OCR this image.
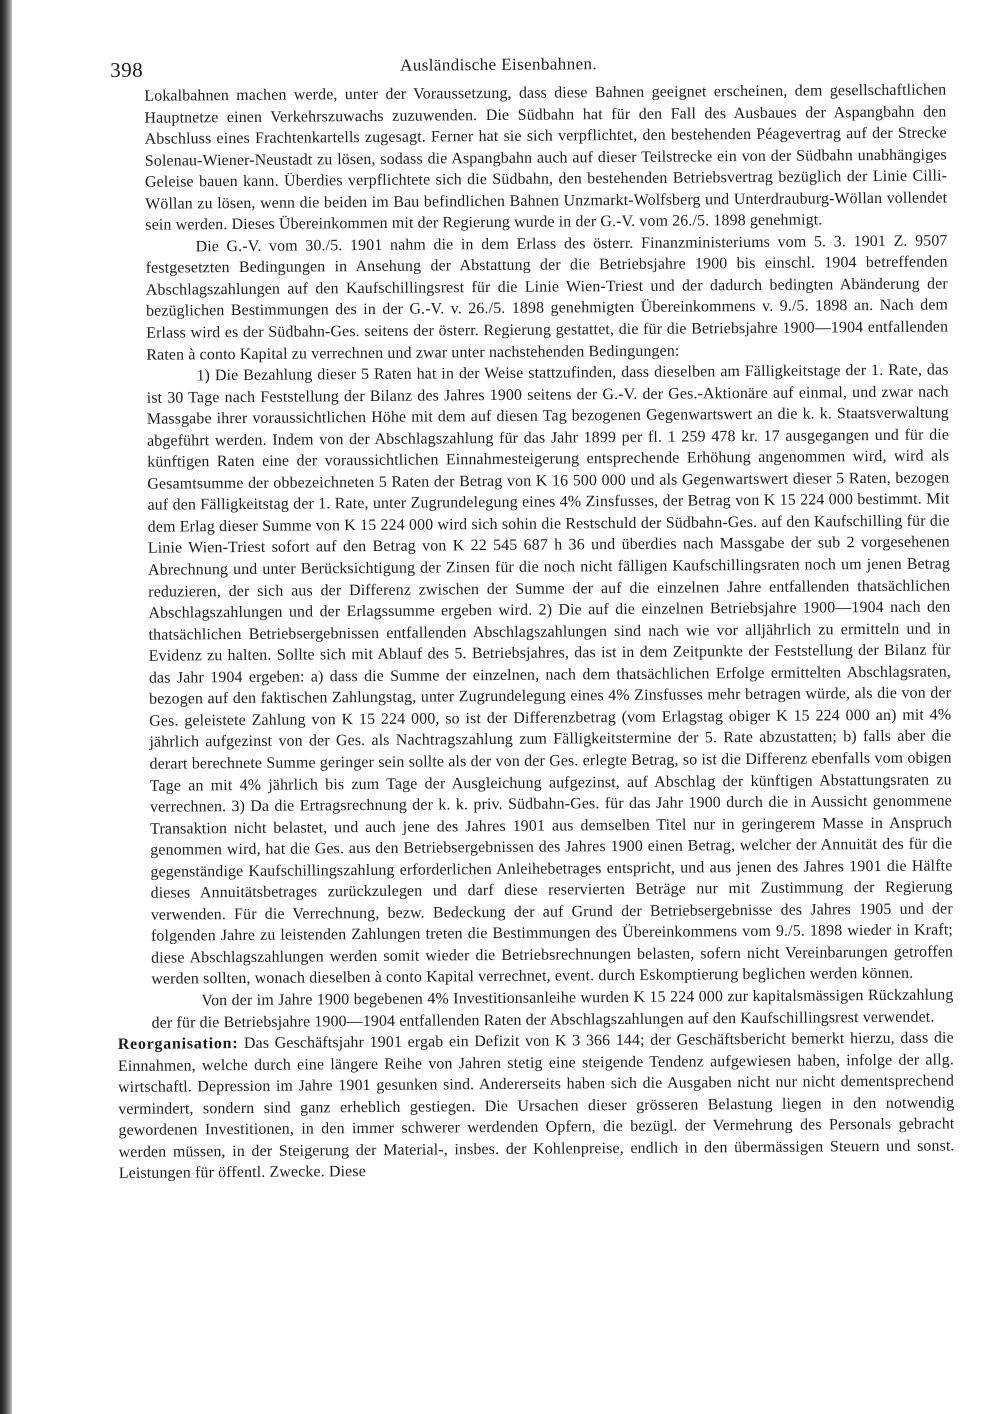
398	Ausländische Eisenbahnen.

Lokalbahnen machen werde, unter der Voraussetzung, dass diese Bahnen geeignet erscheinen, dem gesellschaftlichen Hauptnetze einen Verkehrszuwachs zuzuwenden. Die Südbahn hat für den Fall des Ausbaues der Aspangbahn den Abschluss eines Frachtenkartells zugesagt. Ferner hat sie sich verpflichtet, den bestehenden Péagevertrag auf der Strecke Solenau-Wiener-Neustadt zu lösen, sodass die Aspangbahn auch auf dieser Teilstrecke ein von der Südbahn unabhängiges Geleise bauen kann. Überdies verpflichtete sich die Südbahn, den bestehenden Betriebsvertrag bezüglich der Linie Cilli-Wöllan zu lösen, wenn die beiden im Bau befindlichen Bahnen Unzmarkt-Wolfsberg und Unterdrauburg-Wöllan vollendet sein werden. Dieses Übereinkommen mit der Regierung wurde in der G.-V. vom 26./5. 1898 genehmigt.

Die G.-V. vom 30./5. 1901 nahm die in dem Erlass des österr. Finanzministeriums vom 5. 3. 1901 Z. 9507 festgesetzten Bedingungen in Ansehung der Abstattung der die Betriebsjahre 1900 bis einschl. 1904 betreffenden Abschlagszahlungen auf den Kaufschillingsrest für die Linie Wien-Triest und der dadurch bedingten Abänderung der bezüglichen Bestimmungen des in der G.-V. v. 26./5. 1898 genehmigten Übereinkommens v. 9./5. 1898 an. Nach dem Erlass wird es der Südbahn-Ges. seitens der österr. Regierung gestattet, die für die Betriebsjahre 1900—1904 entfallenden Raten à conto Kapital zu verrechnen und zwar unter nachstehenden Bedingungen:

1) Die Bezahlung dieser 5 Raten hat in der Weise stattzufinden, dass dieselben am Fälligkeitstage der 1. Rate, das ist 30 Tage nach Feststellung der Bilanz des Jahres 1900 seitens der G.-V. der Ges.-Aktionäre auf einmal, und zwar nach Massgabe ihrer voraussichtlichen Höhe mit dem auf diesen Tag bezogenen Gegenwartswert an die k. k. Staatsverwaltung abgeführt werden. Indem von der Abschlagszahlung für das Jahr 1899 per fl. 1 259 478 kr. 17 ausgegangen und für die künftigen Raten eine der voraussichtlichen Einnahmesteigerung entsprechende Erhöhung angenommen wird, wird als Gesamtsumme der obbezeichneten 5 Raten der Betrag von K 16 500 000 und als Gegenwartswert dieser 5 Raten, bezogen auf den Fälligkeitstag der 1. Rate, unter Zugrundelegung eines 4% Zinsfusses, der Betrag von K 15 224 000 bestimmt. Mit dem Erlag dieser Summe von K 15 224 000 wird sich sohin die Restschuld der Südbahn-Ges. auf den Kaufschilling für die Linie Wien-Triest sofort auf den Betrag von K 22 545 687 h 36 und überdies nach Massgabe der sub 2 vorgesehenen Abrechnung und unter Berücksichtigung der Zinsen für die noch nicht fälligen Kaufschillingsraten noch um jenen Betrag reduzieren, der sich aus der Differenz zwischen der Summe der auf die einzelnen Jahre entfallenden thatsächlichen Abschlagszahlungen und der Erlagssumme ergeben wird. 2) Die auf die einzelnen Betriebsjahre 1900—1904 nach den thatsächlichen Betriebsergebnissen entfallenden Abschlagszahlungen sind nach wie vor alljährlich zu ermitteln und in Evidenz zu halten. Sollte sich mit Ablauf des 5. Betriebsjahres, das ist in dem Zeitpunkte der Feststellung der Bilanz für das Jahr 1904 ergeben: a) dass die Summe der einzelnen, nach dem thatsächlichen Erfolge ermittelten Abschlagsraten, bezogen auf den faktischen Zahlungstag, unter Zugrundelegung eines 4% Zinsfusses mehr betragen würde, als die von der Ges. geleistete Zahlung von K 15 224 000, so ist der Differenzbetrag (vom Erlagstag obiger K 15 224 000 an) mit 4% jährlich aufgezinst von der Ges. als Nachtragszahlung zum Fälligkeitstermine der 5. Rate abzustatten; b) falls aber die derart berechnete Summe geringer sein sollte als der von der Ges. erlegte Betrag, so ist die Differenz ebenfalls vom obigen Tage an mit 4% jährlich bis zum Tage der Ausgleichung aufgezinst, auf Abschlag der künftigen Abstattungsraten zu verrechnen. 3) Da die Ertragsrechnung der k. k. priv. Südbahn-Ges. für das Jahr 1900 durch die in Aussicht genommene Transaktion nicht belastet, und auch jene des Jahres 1901 aus demselben Titel nur in geringerem Masse in Anspruch genommen wird, hat die Ges. aus den Betriebsergebnissen des Jahres 1900 einen Betrag, welcher der Annuität des für die gegenständige Kaufschillingszahlung erforderlichen Anleihebetrages entspricht, und aus jenen des Jahres 1901 die Hälfte dieses Annuitätsbetrages zurückzulegen und darf diese reservierten Beträge nur mit Zustimmung der Regierung verwenden. Für die Verrechnung, bezw. Bedeckung der auf Grund der Betriebsergebnisse des Jahres 1905 und der folgenden Jahre zu leistenden Zahlungen treten die Bestimmungen des Übereinkommens vom 9./5. 1898 wieder in Kraft; diese Abschlagszahlungen werden somit wieder die Betriebsrechnungen belasten, sofern nicht Vereinbarungen getroffen werden sollten, wonach dieselben à conto Kapital verrechnet, event. durch Eskomptierung beglichen werden können.

Von der im Jahre 1900 begebenen 4% Investitionsanleihe wurden K 15 224 000 zur kapitalsmässigen Rückzahlung der für die Betriebsjahre 1900—1904 entfallenden Raten der Abschlagszahlungen auf den Kaufschillingsrest verwendet.

Reorganisation: Das Geschäftsjahr 1901 ergab ein Defizit von K 3 366 144; der Geschäftsbericht bemerkt hierzu, dass die Einnahmen, welche durch eine längere Reihe von Jahren stetig eine steigende Tendenz aufgewiesen haben, infolge der allg. wirtschaftl. Depression im Jahre 1901 gesunken sind. Andererseits haben sich die Ausgaben nicht nur nicht dementsprechend vermindert, sondern sind ganz erheblich gestiegen. Die Ursachen dieser grösseren Belastung liegen in den notwendig gewordenen Investitionen, in den immer schwerer werdenden Opfern, die bezügl. der Vermehrung des Personals gebracht werden müssen, in der Steigerung der Material-, insbes. der Kohlenpreise, endlich in den übermässigen Steuern und sonst. Leistungen für öffentl. Zwecke. Diese
